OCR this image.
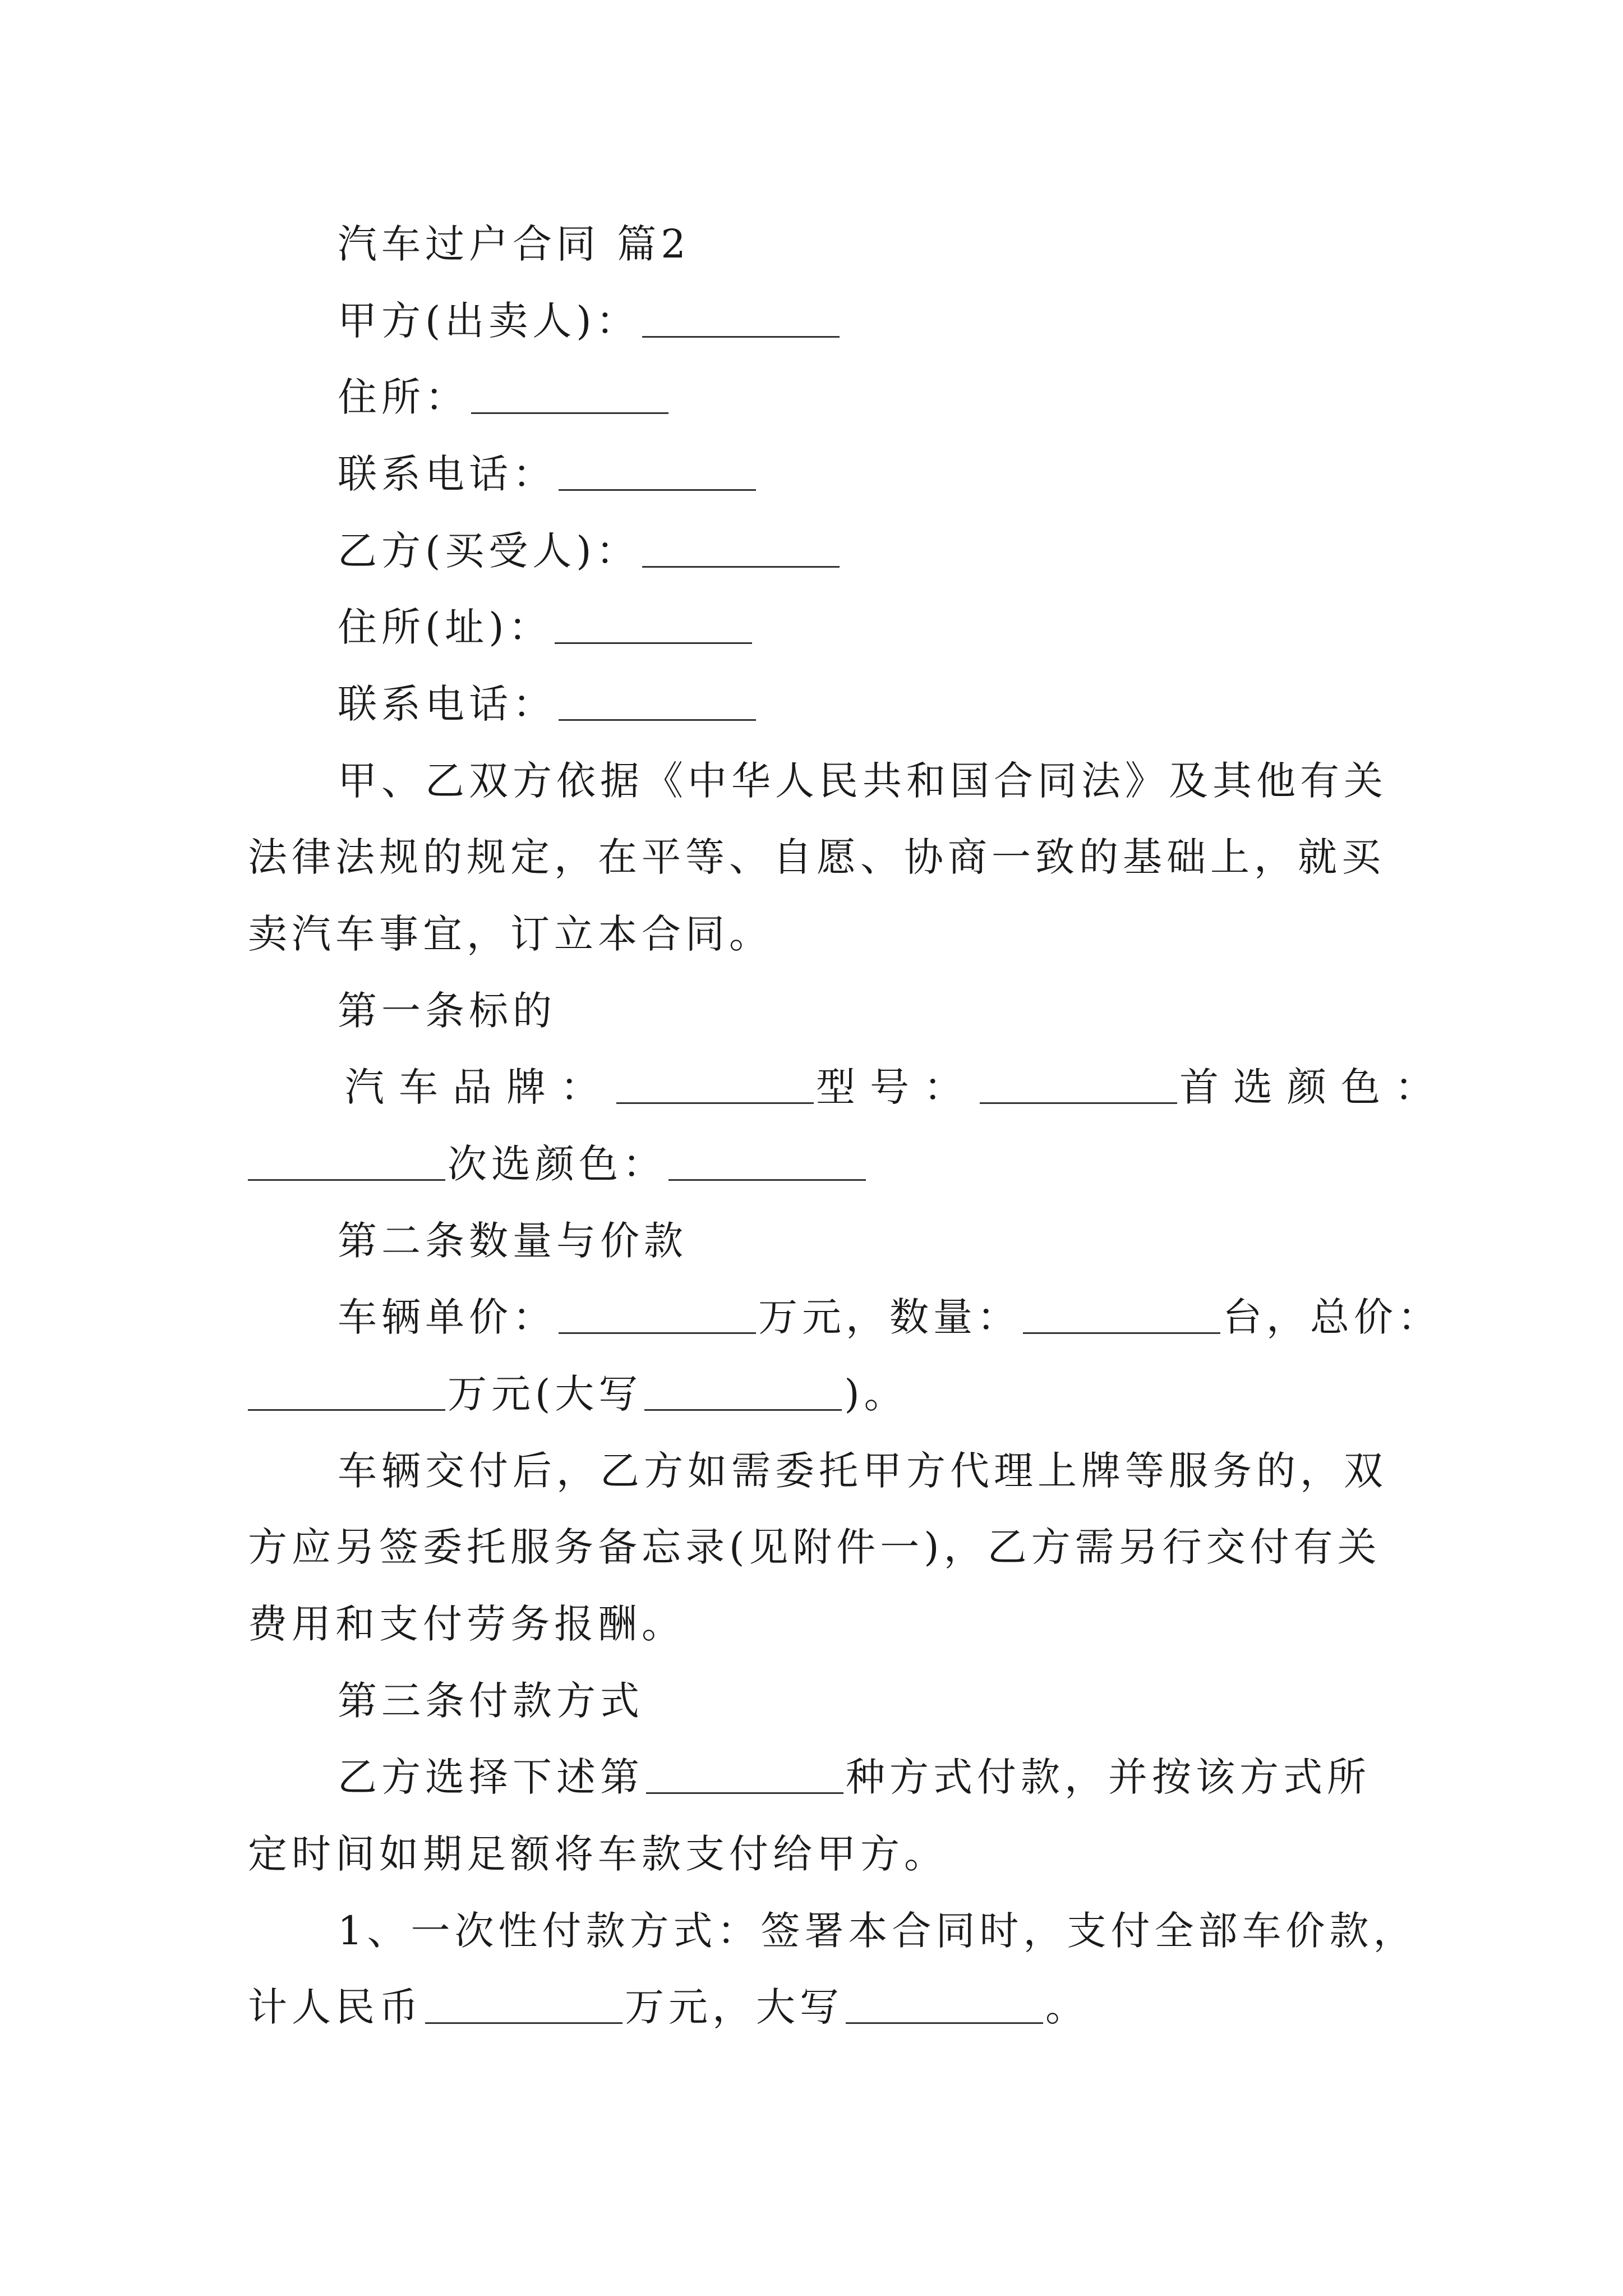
汽车过户合同 篇2
甲方(出卖人)：
住所：
联系电话：
乙方(买受人)：
住所(址)：
联系电话：
甲、乙双方依据《中华人民共和国合同法》及其他有关
法律法规的规定，在平等、自愿、协商一致的基础上，就买
卖汽车事宜，订立本合同。
第一条标的
汽车品牌：	型号：	首选颜色：
次选颜色：
第二条数量与价款
车辆单价：	万元，数量：	台，总价：
万元(大写	)。
车辆交付后，乙方如需委托甲方代理上牌等服务的，双
方应另签委托服务备忘录(见附件一)，乙方需另行交付有关
费用和支付劳务报酬。
第三条付款方式
乙方选择下述第	种方式付款，并按该方式所
定时间如期足额将车款支付给甲方。
1、一次性付款方式：签署本合同时，支付全部车价款，
计人民币	万元，大写	。
